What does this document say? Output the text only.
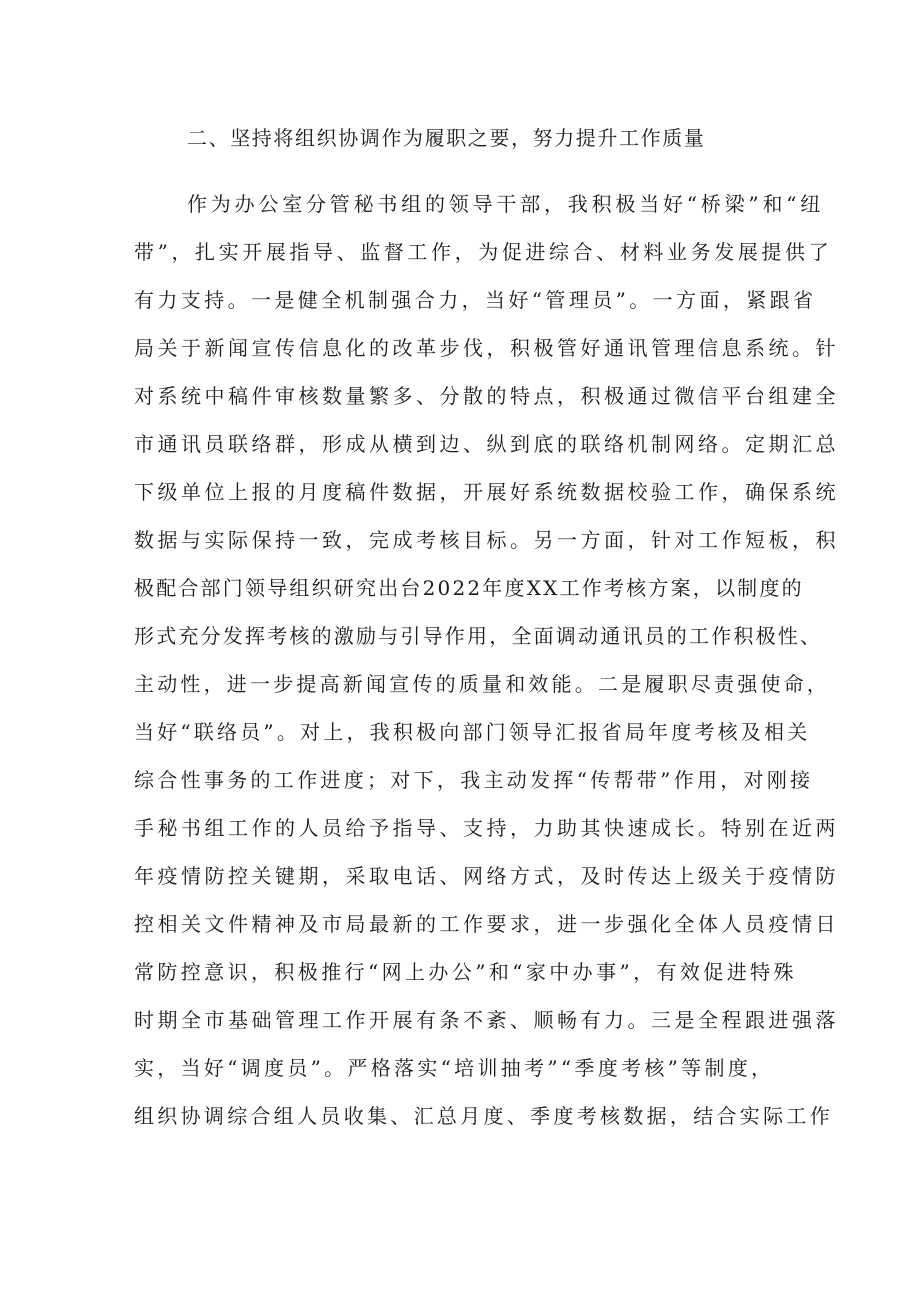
二、坚持将组织协调作为履职之要，努力提升工作质量
作为办公室分管秘书组的领导干部，我积极当好“桥梁”和“纽
带”，扎实开展指导、监督工作，为促进综合、材料业务发展提供了
有力支持。一是健全机制强合力，当好“管理员”。一方面，紧跟省
局关于新闻宣传信息化的改革步伐，积极管好通讯管理信息系统。针
对系统中稿件审核数量繁多、分散的特点，积极通过微信平台组建全
市通讯员联络群，形成从横到边、纵到底的联络机制网络。定期汇总
下级单位上报的月度稿件数据，开展好系统数据校验工作，确保系统
数据与实际保持一致，完成考核目标。另一方面，针对工作短板，积
极配合部门领导组织研究出台2022年度XX工作考核方案，以制度的
形式充分发挥考核的激励与引导作用，全面调动通讯员的工作积极性、
主动性，进一步提高新闻宣传的质量和效能。二是履职尽责强使命，
当好“联络员”。对上，我积极向部门领导汇报省局年度考核及相关
综合性事务的工作进度；对下，我主动发挥“传帮带”作用，对刚接
手秘书组工作的人员给予指导、支持，力助其快速成长。特别在近两
年疫情防控关键期，采取电话、网络方式，及时传达上级关于疫情防
控相关文件精神及市局最新的工作要求，进一步强化全体人员疫情日
常防控意识，积极推行“网上办公”和“家中办事”，有效促进特殊
时期全市基础管理工作开展有条不紊、顺畅有力。三是全程跟进强落
实，当好“调度员”。严格落实“培训抽考”“季度考核”等制度，
组织协调综合组人员收集、汇总月度、季度考核数据，结合实际工作
